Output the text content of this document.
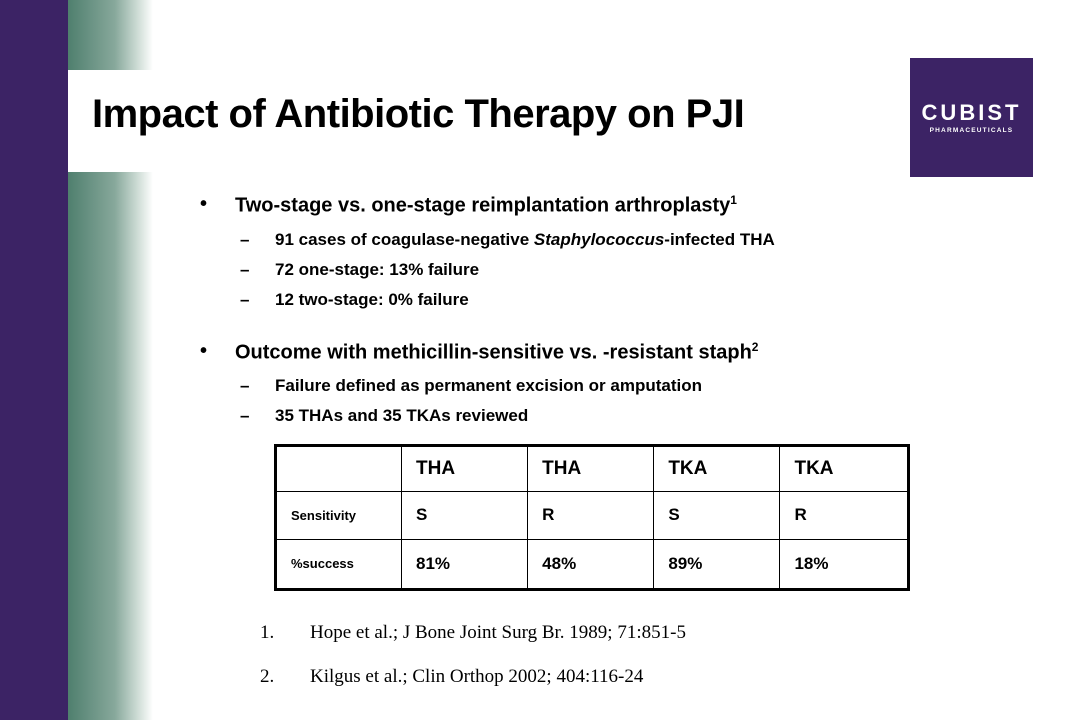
Impact of Antibiotic Therapy on PJI	CUBIST
PHARMACEUTICALS
• Two-stage vs. one-stage reimplantation arthroplasty$^1$
– 91 cases of coagulase-negative Staphylococcus-infected THA
– 72 one-stage: 13% failure
– 12 two-stage: 0% failure
• Outcome with methicillin-sensitive vs. -resistant staph$^2$
– Failure defined as permanent excision or amputation
– 35 THAs and 35 TKAs reviewed
	THA	THA	TKA	TKA
Sensitivity	S	R	S	R
%success	81%	48%	89%	18%
1. Hope et al.; J Bone Joint Surg Br. 1989; 71:851-5
2. Kilgus et al.; Clin Orthop 2002; 404:116-24
